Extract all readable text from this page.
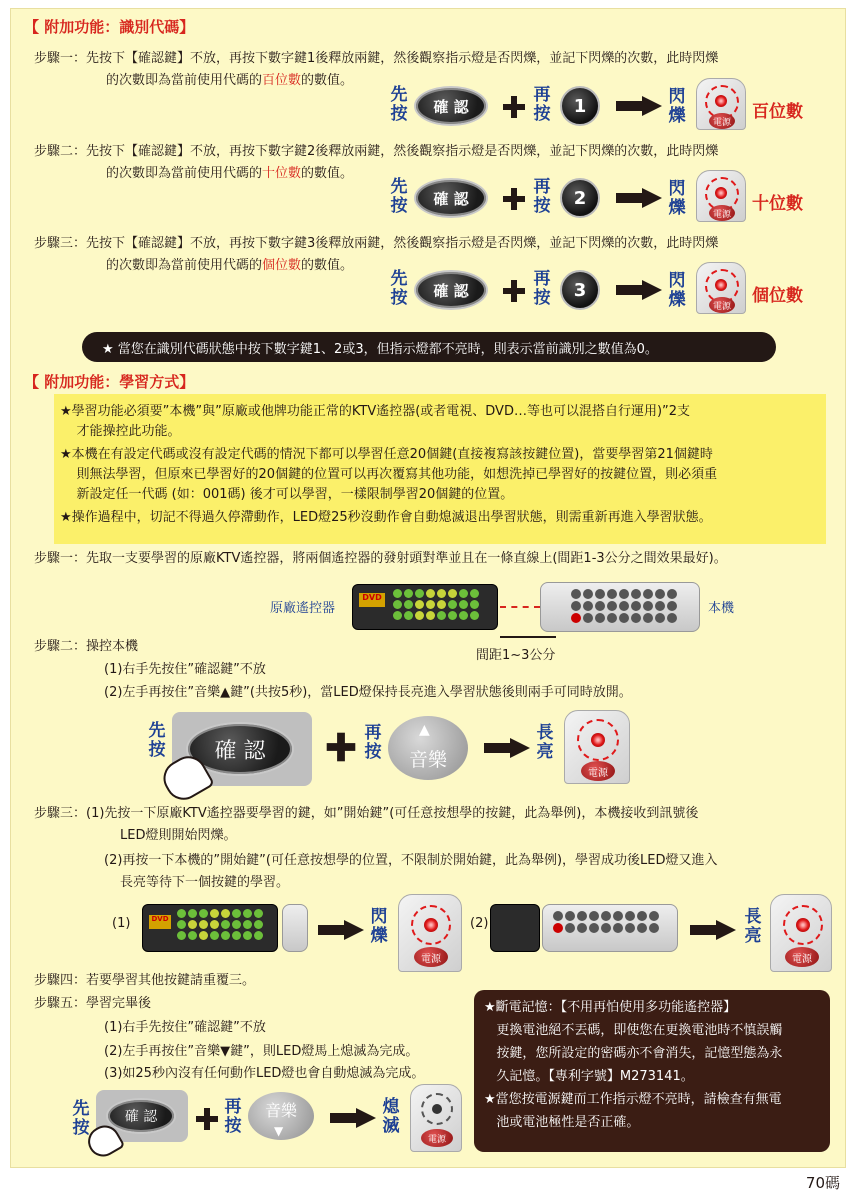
【 附加功能：識別代碼】
步驟一：先按下【確認鍵】不放，再按下數字鍵1後釋放兩鍵，然後觀察指示燈是否閃爍，並記下閃爍的次數，此時閃爍
的次數即為當前使用代碼的百位數的數值。
步驟二：先按下【確認鍵】不放，再按下數字鍵2後釋放兩鍵，然後觀察指示燈是否閃爍，並記下閃爍的次數，此時閃爍
的次數即為當前使用代碼的十位數的數值。
步驟三：先按下【確認鍵】不放，再按下數字鍵3後釋放兩鍵，然後觀察指示燈是否閃爍，並記下閃爍的次數，此時閃爍
的次數即為當前使用代碼的個位數的數值。
先
按	確 認
再
按	1	閃
爍	電源
百位數
先
按	確 認
再
按	2	閃
爍	電源
十位數
先
按	確 認
再
按	3	閃
爍	電源
個位數
★ 當您在識別代碼狀態中按下數字鍵1、2或3，但指示燈都不亮時，則表示當前識別之數值為0。
【 附加功能：學習方式】
★學習功能必須要”本機”與”原廠或他牌功能正常的KTV遙控器(或者電視、DVD…等也可以混搭自行運用)”2支
才能操控此功能。
★本機在有設定代碼或沒有設定代碼的情況下都可以學習任意20個鍵(直接複寫該按鍵位置)，當要學習第21個鍵時
則無法學習，但原來已學習好的20個鍵的位置可以再次覆寫其他功能，如想洗掉已學習好的按鍵位置，則必須重
新設定任一代碼 (如：001碼) 後才可以學習，一樣限制學習20個鍵的位置。
★操作過程中，切記不得過久停滯動作，LED燈25秒沒動作會自動熄滅退出學習狀態，則需重新再進入學習狀態。
步驟一：先取一支要學習的原廠KTV遙控器，將兩個遙控器的發射頭對準並且在一條直線上(間距1-3公分之間效果最好)。
原廠遙控器
DVD
本機
間距1~3公分
步驟二：操控本機
(1)右手先按住”確認鍵”不放
(2)左手再按住”音樂▲鍵”(共按5秒)，當LED燈保持長亮進入學習狀態後則兩手可同時放開。
先
按	確 認
再
按
▲
音樂
長
亮
電源
步驟三：(1)先按一下原廠KTV遙控器要學習的鍵，如”開始鍵”(可任意按想學的按鍵，此為舉例)，本機接收到訊號後
LED燈則開始閃爍。
(2)再按一下本機的”開始鍵”(可任意按想學的位置，不限制於開始鍵，此為舉例)，學習成功後LED燈又進入
長亮等待下一個按鍵的學習。
(1)	DVD	閃
爍
電源
(2)	長
亮
電源
步驟四：若要學習其他按鍵請重覆三。
步驟五：學習完畢後
(1)右手先按住”確認鍵”不放
(2)左手再按住”音樂▼鍵”，則LED燈馬上熄滅為完成。
(3)如25秒內沒有任何動作LED燈也會自動熄滅為完成。
先
按
確 認	再
按
音樂
▼
熄
滅
電源
★斷電記憶：【不用再怕使用多功能遙控器】
更換電池絕不丟碼，即使您在更換電池時不慎誤觸
按鍵，您所設定的密碼亦不會消失，記憶型態為永
久記憶。【專利字號】M273141。
★當您按電源鍵而工作指示燈不亮時，請檢查有無電
池或電池極性是否正確。
70碼
